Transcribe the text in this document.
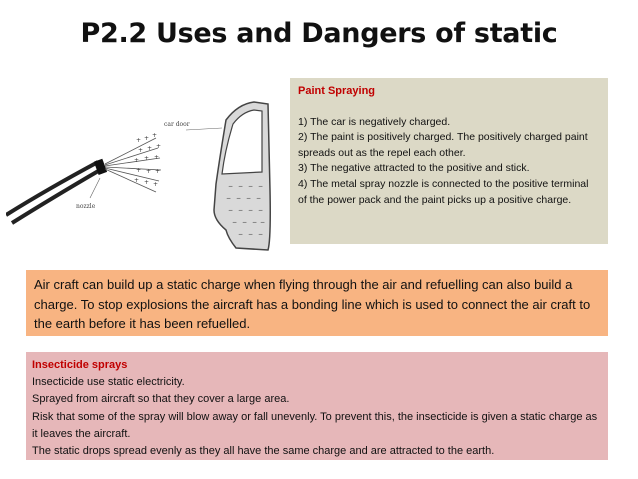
P2.2 Uses and Dangers of static
+ + +
+ + +
+ + +
+ + +
+ + +	− − − −
− − − −
− − − −
− − − −
− − −
car door
nozzle
Paint Spraying

1) The car is negatively charged.

2) The paint is positively charged. The positively charged paint spreads out as the repel each other.

3) The negative attracted to the positive and stick.

4) The metal spray nozzle is connected to the positive terminal of the power pack and the paint picks up a positive charge.

Air craft can build up a static charge when flying through the air and refuelling can also build a charge. To stop explosions the aircraft has a bonding line which is used to connect the air craft to the earth before it has been refuelled.

Insecticide sprays

Insecticide use static electricity.

Sprayed from aircraft so that they cover a large area.

Risk that some of the spray will blow away or fall unevenly. To prevent this, the insecticide is given a static charge as it leaves the aircraft.

The static drops spread evenly as they all have the same charge and are attracted to the earth.
